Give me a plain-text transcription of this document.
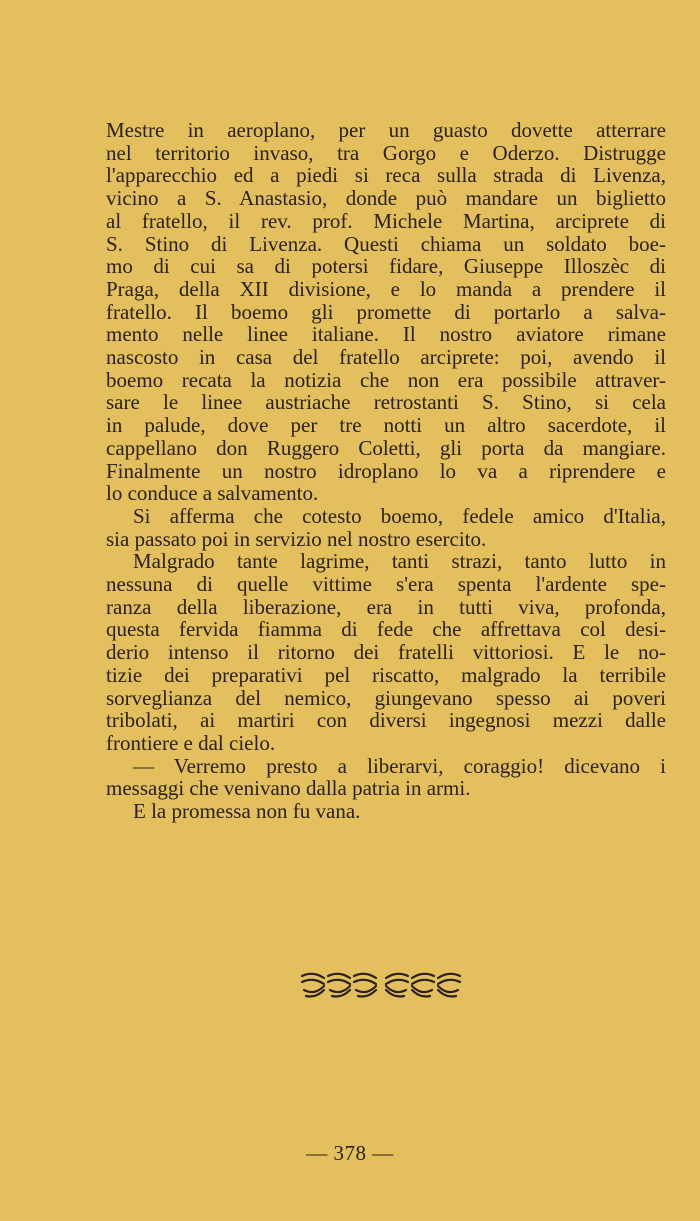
Mestre in aeroplano, per un guasto dovette atterrare
nel territorio invaso, tra Gorgo e Oderzo. Distrugge
l'apparecchio ed a piedi si reca sulla strada di Livenza,
vicino a S. Anastasio, donde può mandare un biglietto
al fratello, il rev. prof. Michele Martina, arciprete di
S. Stino di Livenza. Questi chiama un soldato boe-
mo di cui sa di potersi fidare, Giuseppe Illoszèc di
Praga, della XII divisione, e lo manda a prendere il
fratello. Il boemo gli promette di portarlo a salva-
mento nelle linee italiane. Il nostro aviatore rimane
nascosto in casa del fratello arciprete: poi, avendo il
boemo recata la notizia che non era possibile attraver-
sare le linee austriache retrostanti S. Stino, si cela
in palude, dove per tre notti un altro sacerdote, il
cappellano don Ruggero Coletti, gli porta da mangiare.
Finalmente un nostro idroplano lo va a riprendere e
lo conduce a salvamento.
Si afferma che cotesto boemo, fedele amico d'Italia,
sia passato poi in servizio nel nostro esercito.
Malgrado tante lagrime, tanti strazi, tanto lutto in
nessuna di quelle vittime s'era spenta l'ardente spe-
ranza della liberazione, era in tutti viva, profonda,
questa fervida fiamma di fede che affrettava col desi-
derio intenso il ritorno dei fratelli vittoriosi. E le no-
tizie dei preparativi pel riscatto, malgrado la terribile
sorveglianza del nemico, giungevano spesso ai poveri
tribolati, ai martiri con diversi ingegnosi mezzi dalle
frontiere e dal cielo.
— Verremo presto a liberarvi, coraggio! dicevano i
messaggi che venivano dalla patria in armi.
E la promessa non fu vana.
— 378 —
